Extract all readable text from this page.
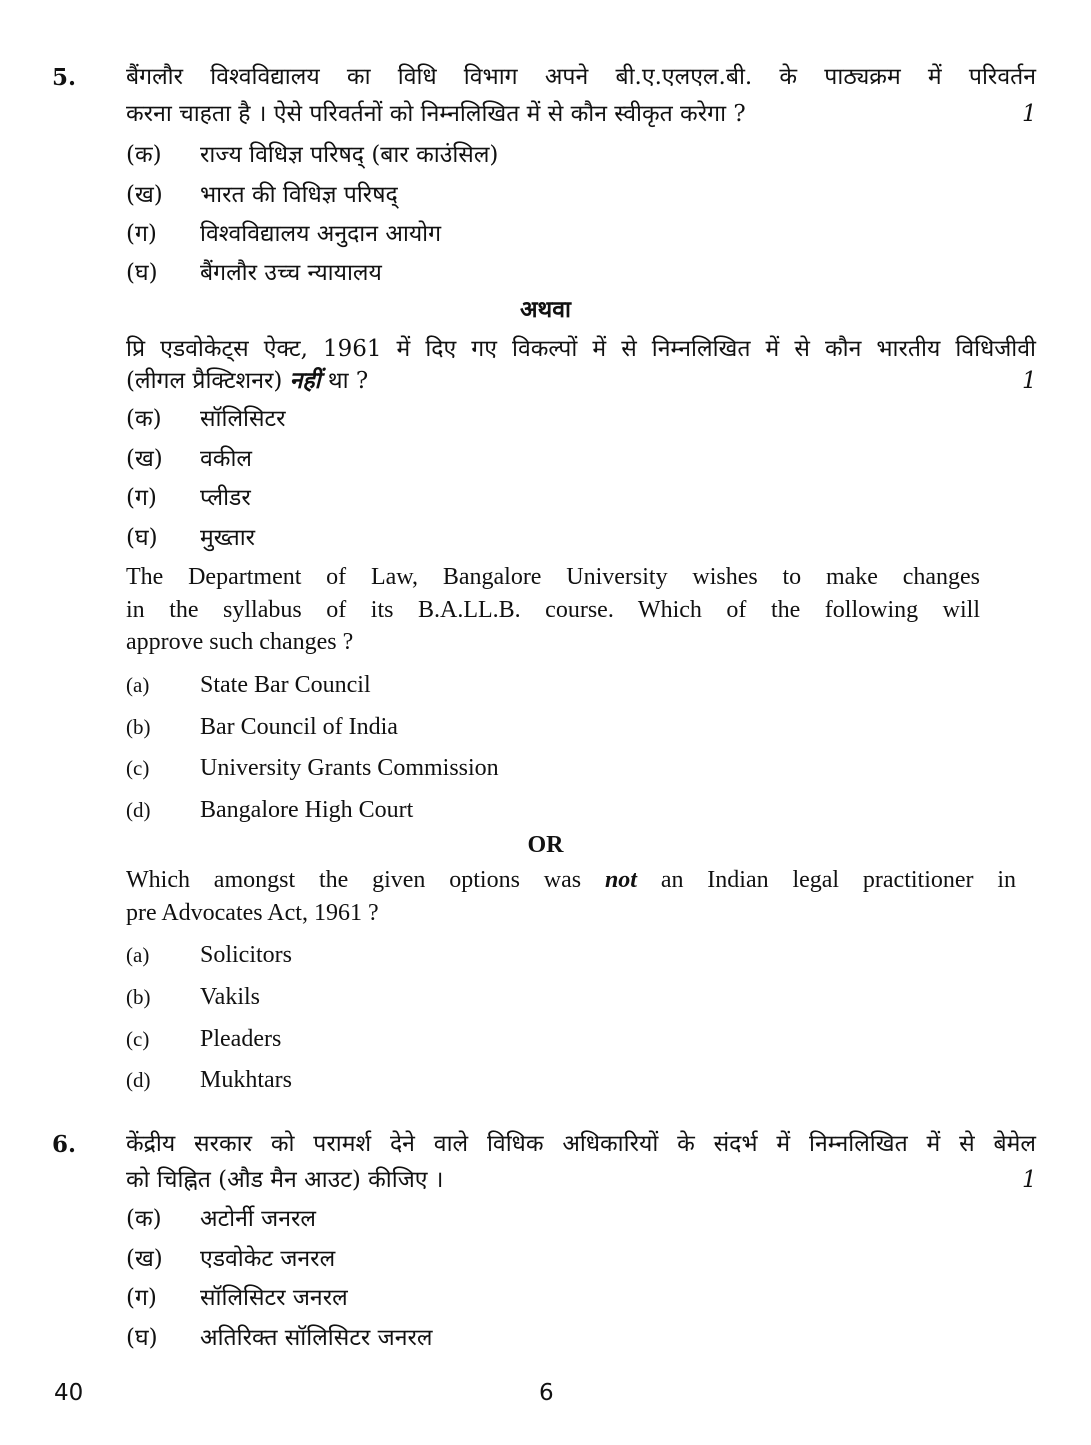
5. बैंगलौर विश्वविद्यालय का विधि विभाग अपने बी.ए.एलएल.बी. के पाठ्यक्रम में परिवर्तन
करना चाहता है । ऐसे परिवर्तनों को निम्नलिखित में से कौन स्वीकृत करेगा ?	1
(क) राज्य विधिज्ञ परिषद् (बार काउंसिल)
(ख) भारत की विधिज्ञ परिषद्
(ग) विश्वविद्यालय अनुदान आयोग
(घ) बैंगलौर उच्च न्यायालय
अथवा
प्रि एडवोकेट्स ऐक्ट, 1961 में दिए गए विकल्पों में से निम्नलिखित में से कौन भारतीय विधिजीवी
(लीगल प्रैक्टिशनर) नहीं था ?	1
(क) सॉलिसिटर
(ख) वकील
(ग) प्लीडर
(घ) मुख्तार
The Department of Law, Bangalore University wishes to make changes
in the syllabus of its B.A.LL.B. course. Which of the following will
approve such changes ?
(a) State Bar Council
(b) Bar Council of India
(c) University Grants Commission
(d) Bangalore High Court
OR
Which amongst the given options was not an Indian legal practitioner in
pre Advocates Act, 1961 ?
(a) Solicitors
(b) Vakils
(c) Pleaders
(d) Mukhtars
6. केंद्रीय सरकार को परामर्श देने वाले विधिक अधिकारियों के संदर्भ में निम्नलिखित में से बेमेल
को चिह्नित (औड मैन आउट) कीजिए ।	1
(क) अटोर्नी जनरल
(ख) एडवोकेट जनरल
(ग) सॉलिसिटर जनरल
(घ) अतिरिक्त सॉलिसिटर जनरल
40	6
